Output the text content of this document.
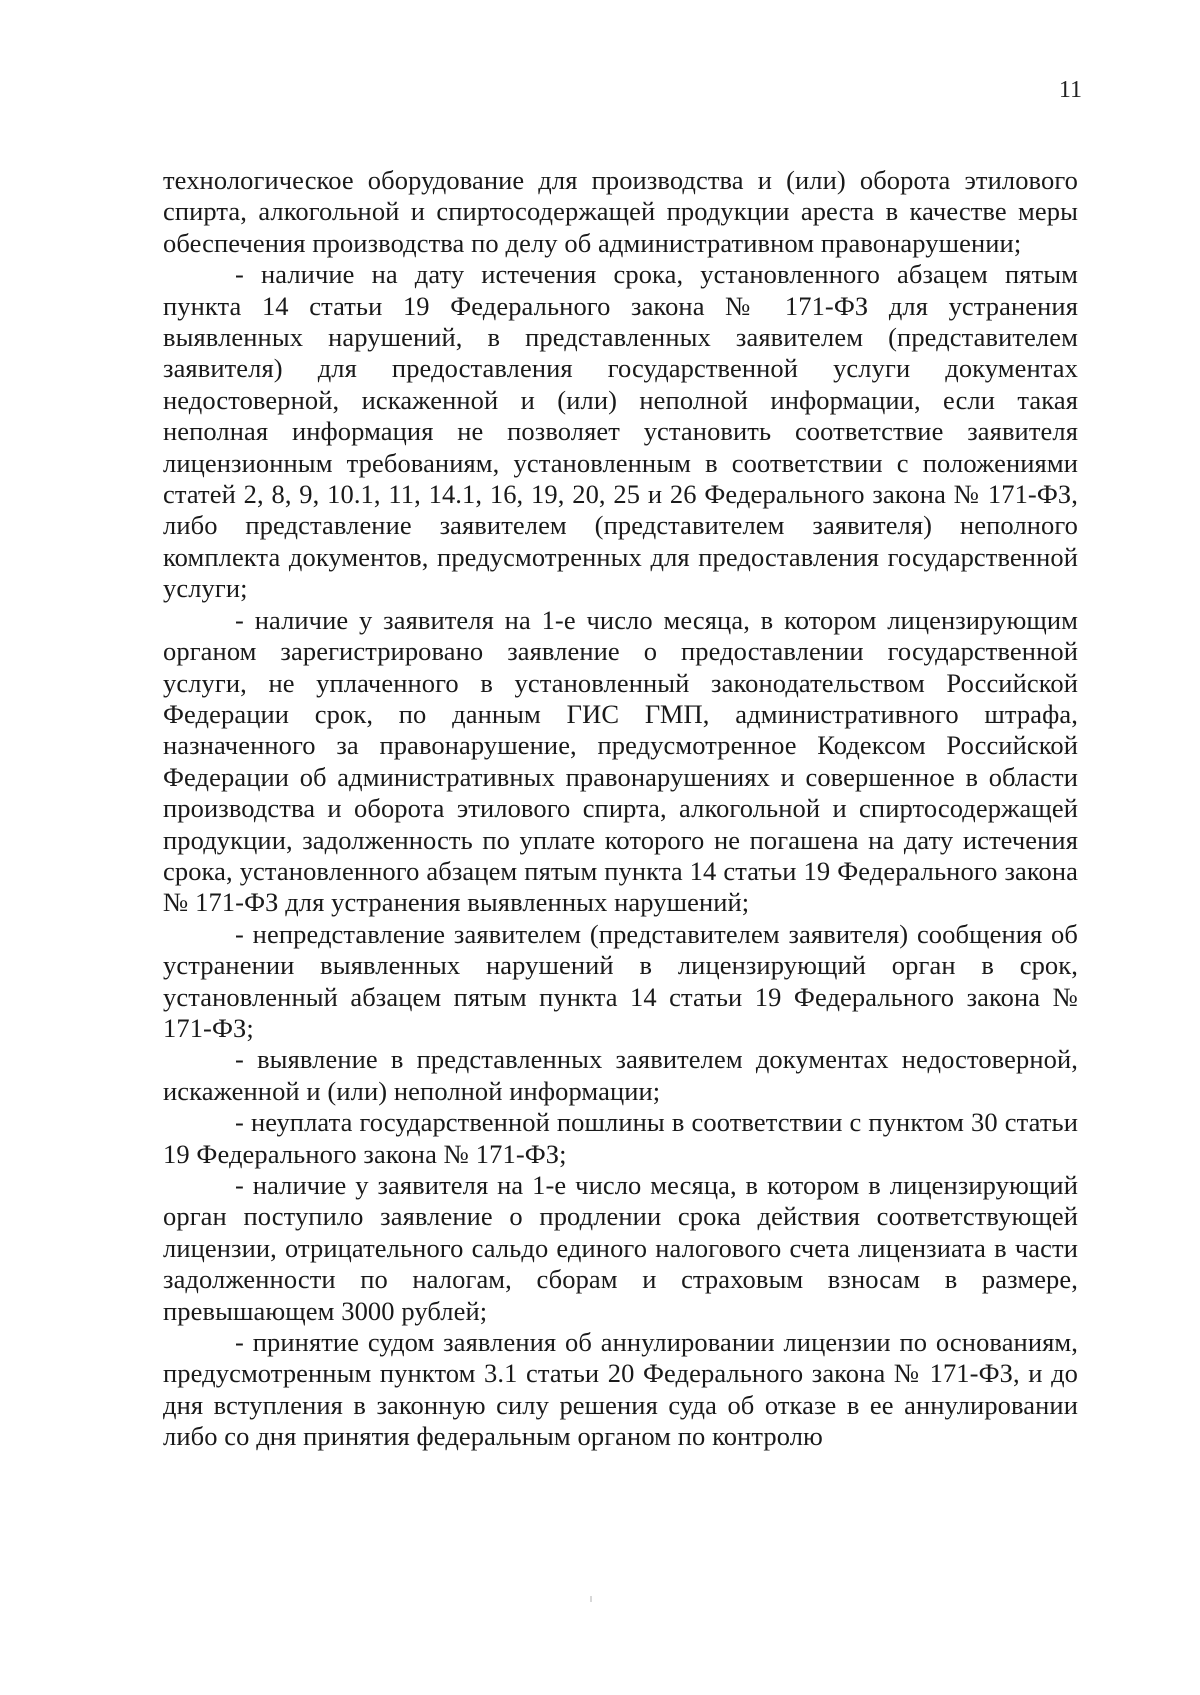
11

технологическое оборудование для производства и (или) оборота этилового спирта, алкогольной и спиртосодержащей продукции ареста в качестве меры обеспечения производства по делу об административном правонарушении;

- наличие на дату истечения срока, установленного абзацем пятым пункта 14 статьи 19 Федерального закона № 171-ФЗ для устранения выявленных нарушений, в представленных заявителем (представителем заявителя) для предоставления государственной услуги документах недостоверной, искаженной и (или) неполной информации, если такая неполная информация не позволяет установить соответствие заявителя лицензионным требованиям, установленным в соответствии с положениями статей 2, 8, 9, 10.1, 11, 14.1, 16, 19, 20, 25 и 26 Федерального закона № 171-ФЗ, либо представление заявителем (представителем заявителя) неполного комплекта документов, предусмотренных для предоставления государственной услуги;

- наличие у заявителя на 1-е число месяца, в котором лицензирующим органом зарегистрировано заявление о предоставлении государственной услуги, не уплаченного в установленный законодательством Российской Федерации срок, по данным ГИС ГМП, административного штрафа, назначенного за правонарушение, предусмотренное Кодексом Российской Федерации об административных правонарушениях и совершенное в области производства и оборота этилового спирта, алкогольной и спиртосодержащей продукции, задолженность по уплате которого не погашена на дату истечения срока, установленного абзацем пятым пункта 14 статьи 19 Федерального закона № 171-ФЗ для устранения выявленных нарушений;

- непредставление заявителем (представителем заявителя) сообщения об устранении выявленных нарушений в лицензирующий орган в срок, установленный абзацем пятым пункта 14 статьи 19 Федерального закона № 171-ФЗ;

- выявление в представленных заявителем документах недостоверной, искаженной и (или) неполной информации;

- неуплата государственной пошлины в соответствии с пунктом 30 статьи 19 Федерального закона № 171-ФЗ;

- наличие у заявителя на 1-е число месяца, в котором в лицензирующий орган поступило заявление о продлении срока действия соответствующей лицензии, отрицательного сальдо единого налогового счета лицензиата в части задолженности по налогам, сборам и страховым взносам в размере, превышающем 3000 рублей;

- принятие судом заявления об аннулировании лицензии по основаниям, предусмотренным пунктом 3.1 статьи 20 Федерального закона № 171-ФЗ, и до дня вступления в законную силу решения суда об отказе в ее аннулировании либо со дня принятия федеральным органом по контролю
